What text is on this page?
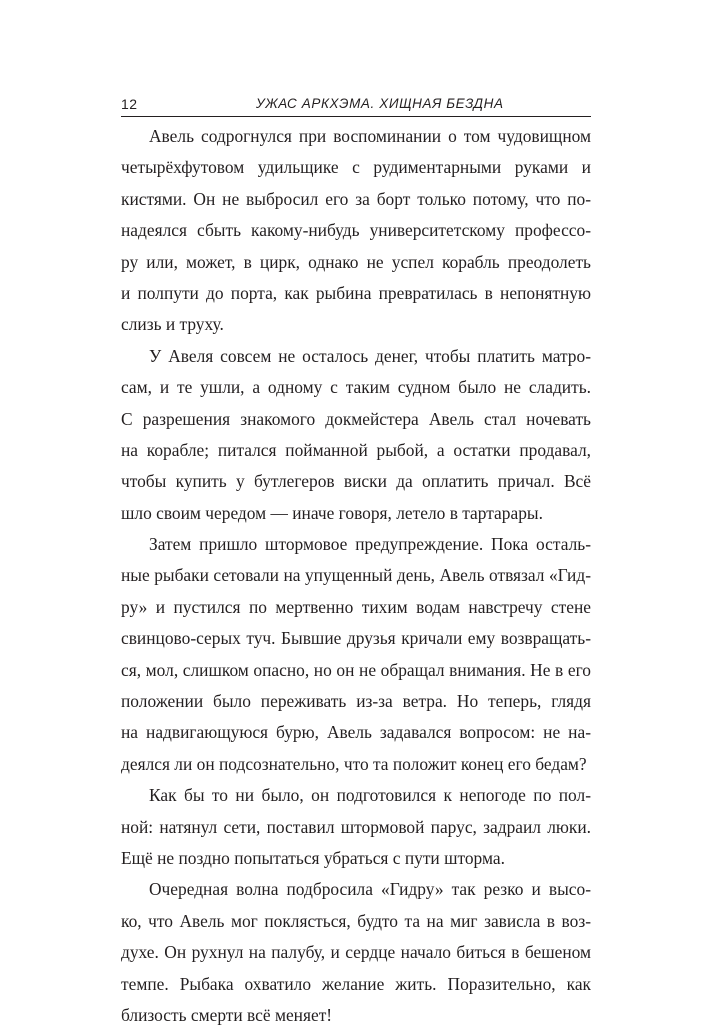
12	УЖАС АРКХЭМА. ХИЩНАЯ БЕЗДНА
Авель содрогнулся при воспоминании о том чудовищном
четырёхфутовом удильщике с рудиментарными руками и
кистями. Он не выбросил его за борт только потому, что по-
надеялся сбыть какому-нибудь университетскому профессо-
ру или, может, в цирк, однако не успел корабль преодолеть
и полпути до порта, как рыбина превратилась в непонятную
слизь и труху.
У Авеля совсем не осталось денег, чтобы платить матро-
сам, и те ушли, а одному с таким судном было не сладить.
С разрешения знакомого докмейстера Авель стал ночевать
на корабле; питался пойманной рыбой, а остатки продавал,
чтобы купить у бутлегеров виски да оплатить причал. Всё
шло своим чередом — иначе говоря, летело в тартарары.
Затем пришло штормовое предупреждение. Пока осталь-
ные рыбаки сетовали на упущенный день, Авель отвязал «Гид-
ру» и пустился по мертвенно тихим водам навстречу стене
свинцово-серых туч. Бывшие друзья кричали ему возвращать-
ся, мол, слишком опасно, но он не обращал внимания. Не в его
положении было переживать из-за ветра. Но теперь, глядя
на надвигающуюся бурю, Авель задавался вопросом: не на-
деялся ли он подсознательно, что та положит конец его бедам?
Как бы то ни было, он подготовился к непогоде по пол-
ной: натянул сети, поставил штормовой парус, задраил люки.
Ещё не поздно попытаться убраться с пути шторма.
Очередная волна подбросила «Гидру» так резко и высо-
ко, что Авель мог поклясться, будто та на миг зависла в воз-
духе. Он рухнул на палубу, и сердце начало биться в бешеном
темпе. Рыбака охватило желание жить. Поразительно, как
близость смерти всё меняет!
